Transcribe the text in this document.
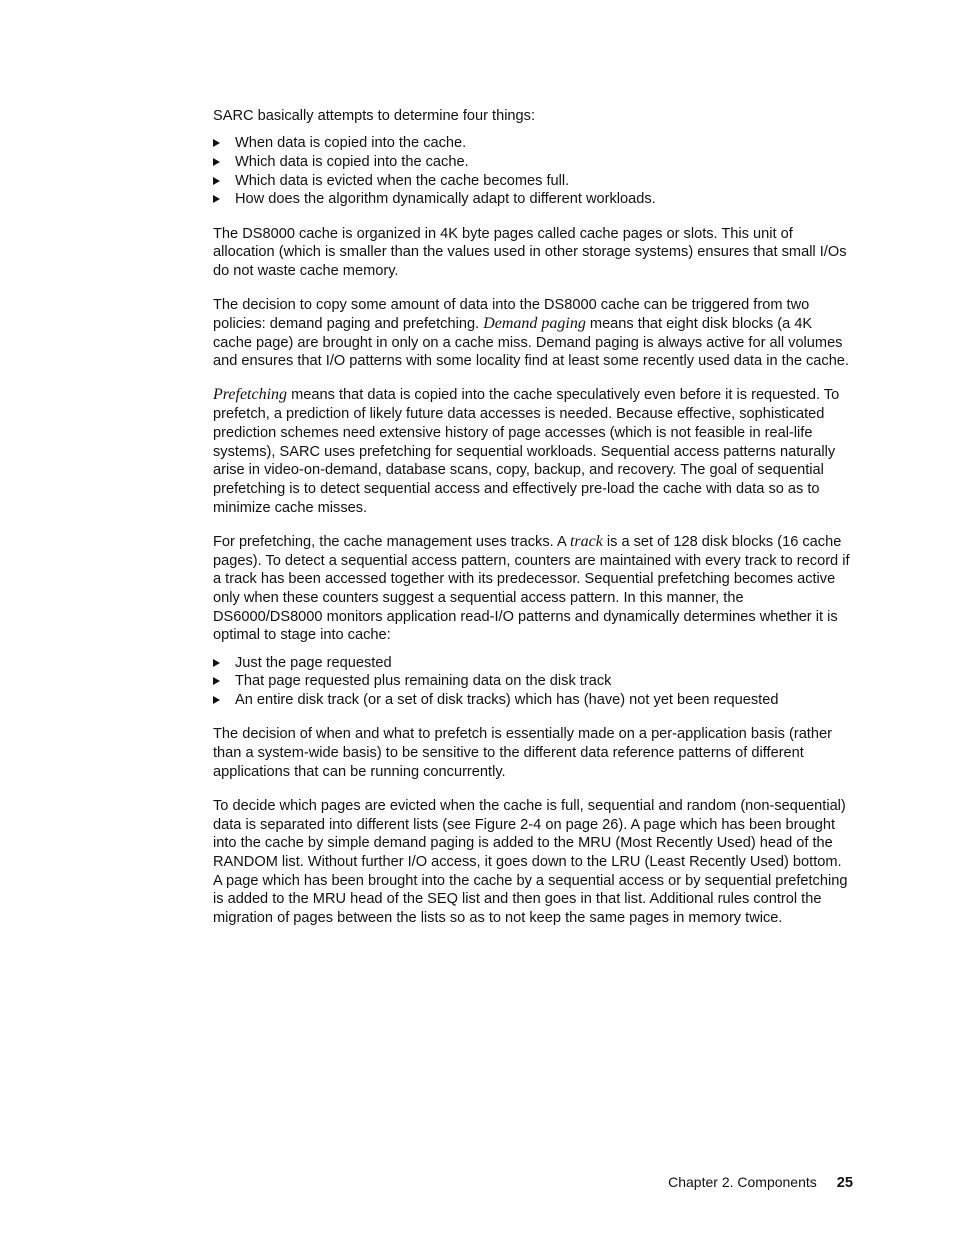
SARC basically attempts to determine four things:

When data is copied into the cache.
Which data is copied into the cache.
Which data is evicted when the cache becomes full.
How does the algorithm dynamically adapt to different workloads.

The DS8000 cache is organized in 4K byte pages called cache pages or slots. This unit of allocation (which is smaller than the values used in other storage systems) ensures that small I/Os do not waste cache memory.

The decision to copy some amount of data into the DS8000 cache can be triggered from two policies: demand paging and prefetching. Demand paging means that eight disk blocks (a 4K cache page) are brought in only on a cache miss. Demand paging is always active for all volumes and ensures that I/O patterns with some locality find at least some recently used data in the cache.

Prefetching means that data is copied into the cache speculatively even before it is requested. To prefetch, a prediction of likely future data accesses is needed. Because effective, sophisticated prediction schemes need extensive history of page accesses (which is not feasible in real-life systems), SARC uses prefetching for sequential workloads. Sequential access patterns naturally arise in video-on-demand, database scans, copy, backup, and recovery. The goal of sequential prefetching is to detect sequential access and effectively pre-load the cache with data so as to minimize cache misses.

For prefetching, the cache management uses tracks. A track is a set of 128 disk blocks (16 cache pages). To detect a sequential access pattern, counters are maintained with every track to record if a track has been accessed together with its predecessor. Sequential prefetching becomes active only when these counters suggest a sequential access pattern. In this manner, the DS6000/DS8000 monitors application read-I/O patterns and dynamically determines whether it is optimal to stage into cache:

Just the page requested
That page requested plus remaining data on the disk track
An entire disk track (or a set of disk tracks) which has (have) not yet been requested

The decision of when and what to prefetch is essentially made on a per-application basis (rather than a system-wide basis) to be sensitive to the different data reference patterns of different applications that can be running concurrently.

To decide which pages are evicted when the cache is full, sequential and random (non-sequential) data is separated into different lists (see Figure 2-4 on page 26). A page which has been brought into the cache by simple demand paging is added to the MRU (Most Recently Used) head of the RANDOM list. Without further I/O access, it goes down to the LRU (Least Recently Used) bottom. A page which has been brought into the cache by a sequential access or by sequential prefetching is added to the MRU head of the SEQ list and then goes in that list. Additional rules control the migration of pages between the lists so as to not keep the same pages in memory twice.

Chapter 2. Components 25
